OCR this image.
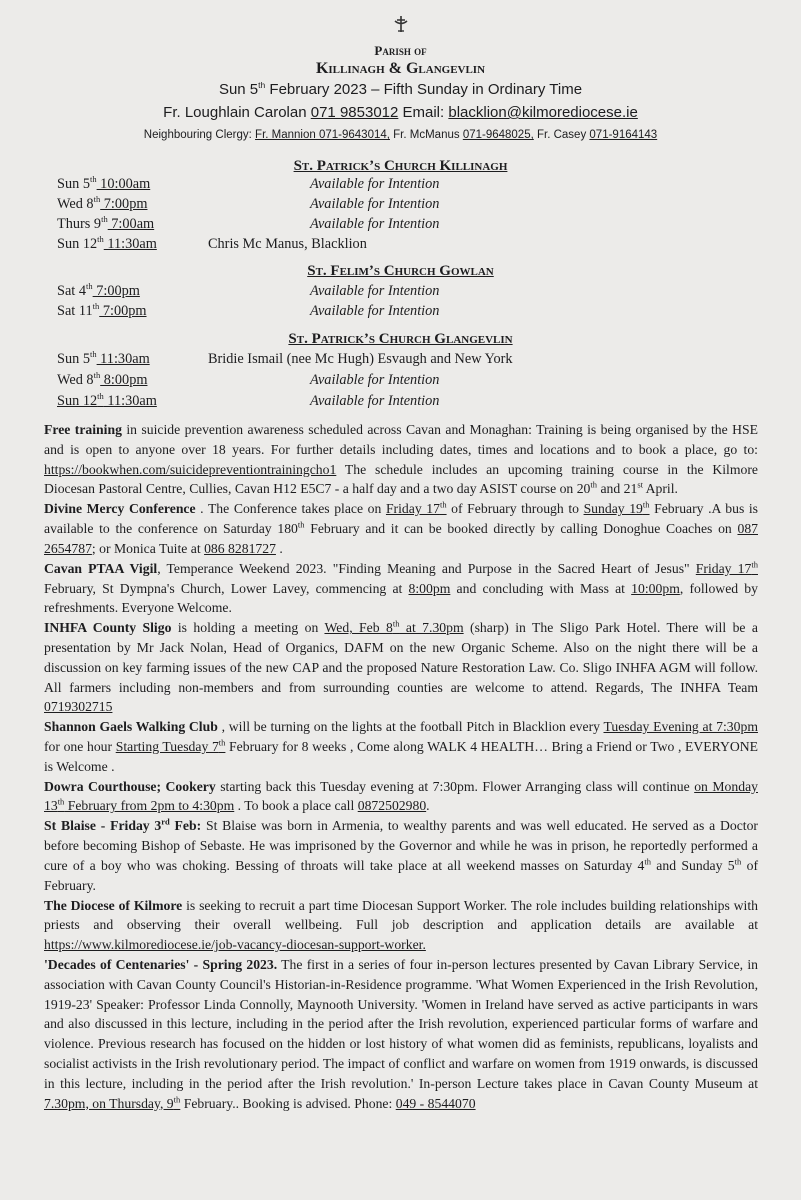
Parish of
Killinagh & Glangevlin
Sun 5th February 2023 – Fifth Sunday in Ordinary Time
Fr. Loughlain Carolan 071 9853012 Email: blacklion@kilmorediocese.ie
Neighbouring Clergy: Fr. Mannion 071-9643014, Fr. McManus 071-9648025, Fr. Casey 071-9164143
St. Patrick’s Church Killinagh
Sun 5th 10:00am	Available for Intention
Wed 8th 7:00pm	Available for Intention
Thurs 9th 7:00am	Available for Intention
Sun 12th 11:30am	Chris Mc Manus, Blacklion
St. Felim’s Church Gowlan
Sat 4th 7:00pm	Available for Intention
Sat 11th 7:00pm	Available for Intention
St. Patrick’s Church Glangevlin
Sun 5th 11:30am	Bridie Ismail (nee Mc Hugh) Esvaugh and New York
Wed 8th 8:00pm	Available for Intention
Sun 12th 11:30am	Available for Intention

Free training in suicide prevention awareness scheduled across Cavan and Monaghan: Training is being organised by the HSE and is open to anyone over 18 years. For further details including dates, times and locations and to book a place, go to: https://bookwhen.com/suicidepreventiontrainingcho1 The schedule includes an upcoming training course in the Kilmore Diocesan Pastoral Centre, Cullies, Cavan H12 E5C7 - a half day and a two day ASIST course on 20th and 21st April.

Divine Mercy Conference . The Conference takes place on Friday 17th of February through to Sunday 19th February .A bus is available to the conference on Saturday 180th February and it can be booked directly by calling Donoghue Coaches on 087 2654787; or Monica Tuite at 086 8281727 .

Cavan PTAA Vigil, Temperance Weekend 2023. "Finding Meaning and Purpose in the Sacred Heart of Jesus" Friday 17th February, St Dympna's Church, Lower Lavey, commencing at 8:00pm and concluding with Mass at 10:00pm, followed by refreshments. Everyone Welcome.

INHFA County Sligo is holding a meeting on Wed, Feb 8th at 7.30pm (sharp) in The Sligo Park Hotel. There will be a presentation by Mr Jack Nolan, Head of Organics, DAFM on the new Organic Scheme. Also on the night there will be a discussion on key farming issues of the new CAP and the proposed Nature Restoration Law. Co. Sligo INHFA AGM will follow. All farmers including non-members and from surrounding counties are welcome to attend. Regards, The INHFA Team 0719302715

Shannon Gaels Walking Club , will be turning on the lights at the football Pitch in Blacklion every Tuesday Evening at 7:30pm for one hour Starting Tuesday 7th February for 8 weeks , Come along WALK 4 HEALTH… Bring a Friend or Two , EVERYONE is Welcome .

Dowra Courthouse; Cookery starting back this Tuesday evening at 7:30pm. Flower Arranging class will continue on Monday 13th February from 2pm to 4:30pm . To book a place call 0872502980.

St Blaise - Friday 3rd Feb: St Blaise was born in Armenia, to wealthy parents and was well educated. He served as a Doctor before becoming Bishop of Sebaste. He was imprisoned by the Governor and while he was in prison, he reportedly performed a cure of a boy who was choking. Bessing of throats will take place at all weekend masses on Saturday 4th and Sunday 5th of February.

The Diocese of Kilmore is seeking to recruit a part time Diocesan Support Worker. The role includes building relationships with priests and observing their overall wellbeing. Full job description and application details are available at https://www.kilmorediocese.ie/job-vacancy-diocesan-support-worker.

'Decades of Centenaries' - Spring 2023. The first in a series of four in-person lectures presented by Cavan Library Service, in association with Cavan County Council's Historian-in-Residence programme. 'What Women Experienced in the Irish Revolution, 1919-23' Speaker: Professor Linda Connolly, Maynooth University. 'Women in Ireland have served as active participants in wars and also discussed in this lecture, including in the period after the Irish revolution, experienced particular forms of warfare and violence. Previous research has focused on the hidden or lost history of what women did as feminists, republicans, loyalists and socialist activists in the Irish revolutionary period. The impact of conflict and warfare on women from 1919 onwards, is discussed in this lecture, including in the period after the Irish revolution.' In-person Lecture takes place in Cavan County Museum at 7.30pm, on Thursday, 9th February.. Booking is advised. Phone: 049 - 8544070
